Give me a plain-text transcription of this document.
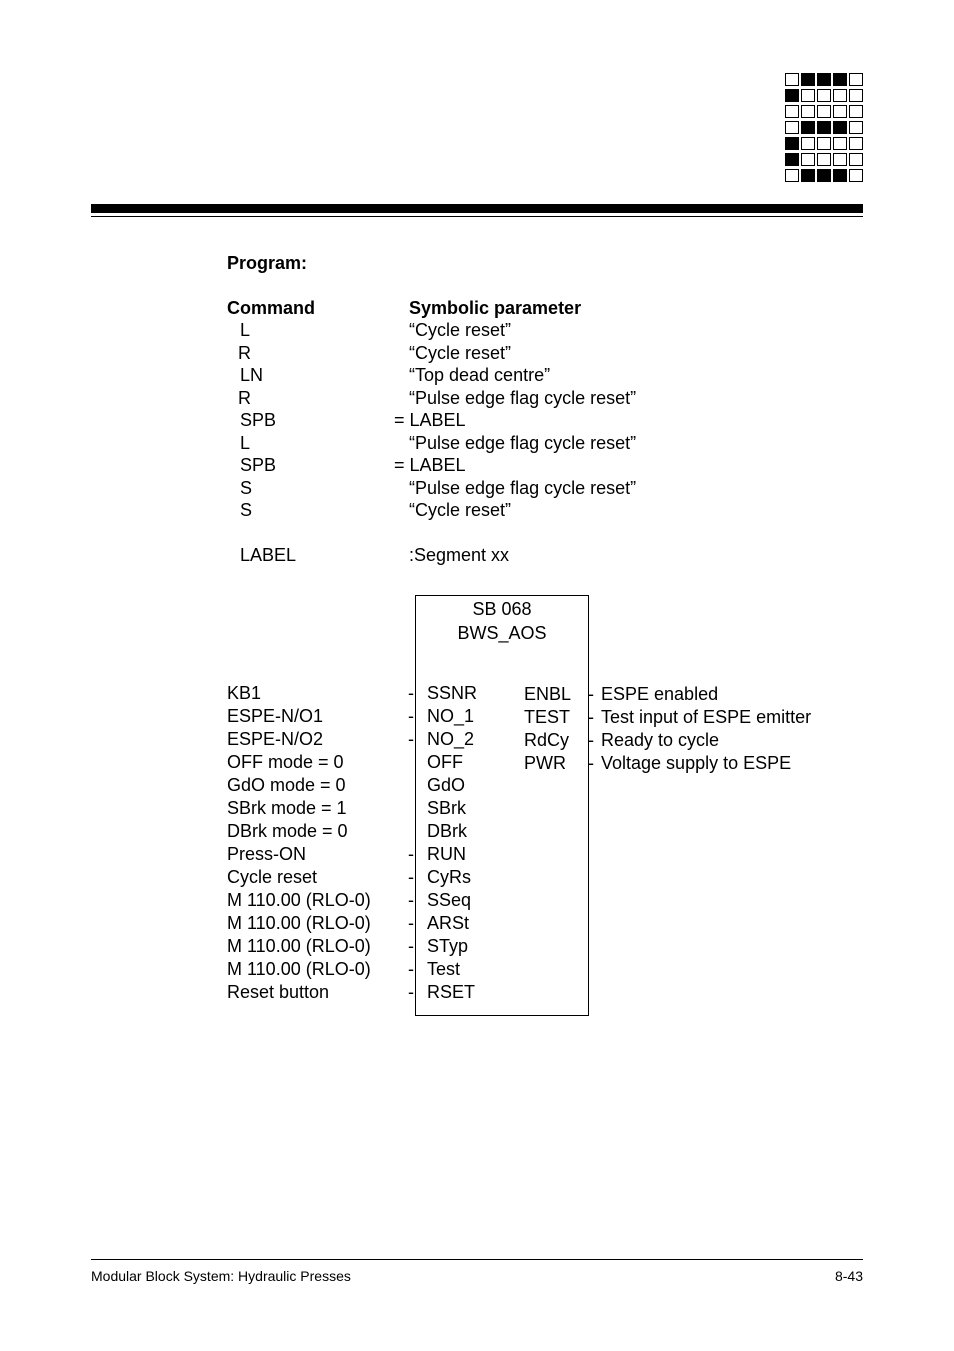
Program:
Command	Symbolic parameter
L	“Cycle reset”
R	“Cycle reset”
LN	“Top dead centre”
R	“Pulse edge flag cycle reset”
SPB	= LABEL
L	“Pulse edge flag cycle reset”
SPB	= LABEL
S	“Pulse edge flag cycle reset”
S	“Cycle reset”
LABEL	:Segment xx
SB 068
BWS_AOS
KB1	- SSNR
ESPE-N/O1	- NO_1
ESPE-N/O2	- NO_2
OFF mode = 0	OFF
GdO mode = 0	GdO
SBrk mode = 1	SBrk
DBrk mode = 0	DBrk
Press-ON	- RUN
Cycle reset	- CyRs
M 110.00 (RLO-0) - SSeq
M 110.00 (RLO-0) - ARSt
M 110.00 (RLO-0) - STyp
M 110.00 (RLO-0) - Test
Reset button	- RSET
ENBL - ESPE enabled
TEST - Test input of ESPE emitter
RdCy - Ready to cycle
PWR - Voltage supply to ESPE
Modular Block System: Hydraulic Presses	8-43
